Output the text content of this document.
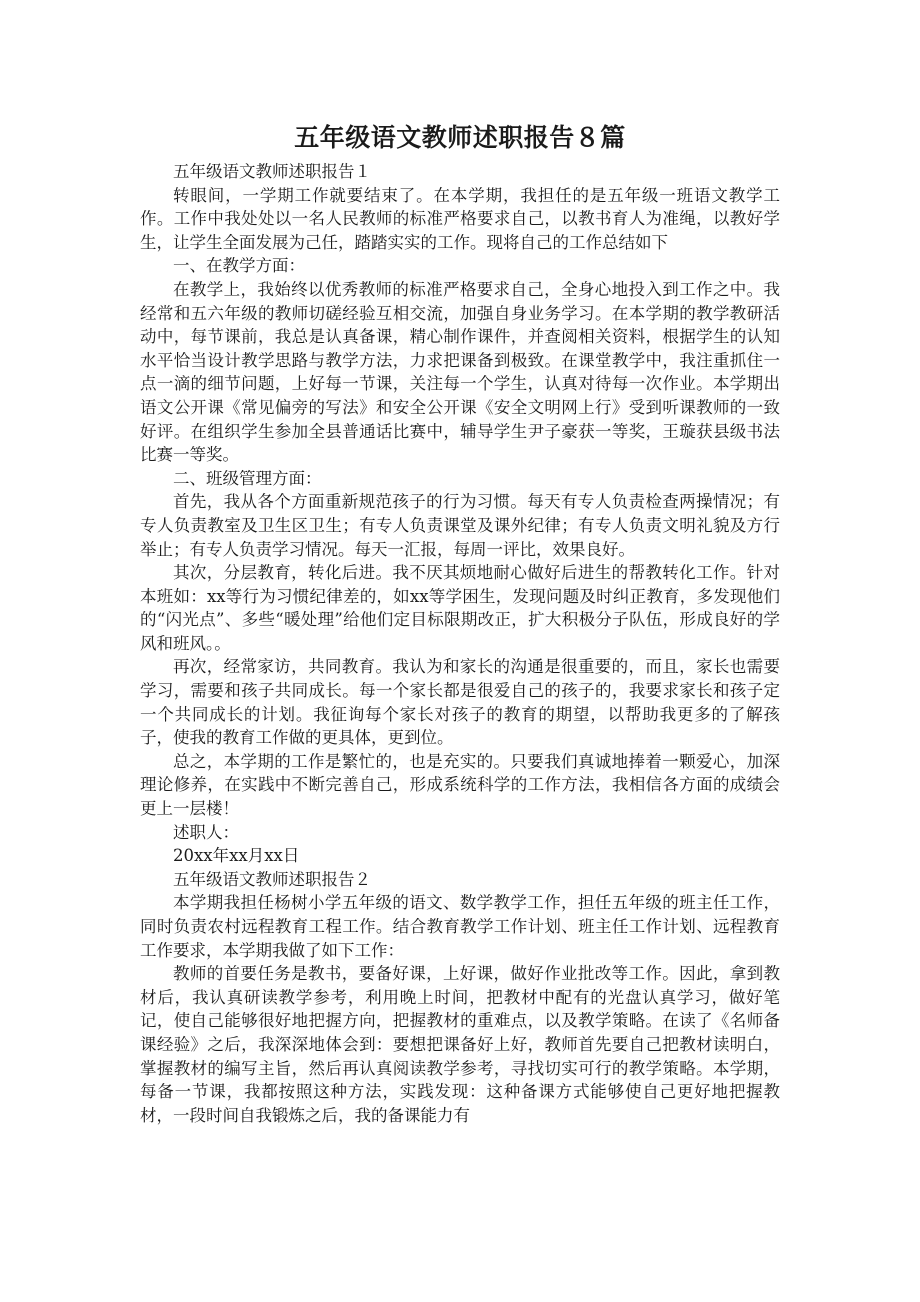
五年级语文教师述职报告８篇

五年级语文教师述职报告１

转眼间，一学期工作就要结束了。在本学期，我担任的是五年级一班语文教学工作。工作中我处处以一名人民教师的标准严格要求自己，以教书育人为准绳，以教好学生，让学生全面发展为己任，踏踏实实的工作。现将自己的工作总结如下

一、在教学方面：

在教学上，我始终以优秀教师的标准严格要求自己，全身心地投入到工作之中。我经常和五六年级的教师切磋经验互相交流，加强自身业务学习。在本学期的教学教研活动中，每节课前，我总是认真备课，精心制作课件，并查阅相关资料，根据学生的认知水平恰当设计教学思路与教学方法，力求把课备到极致。在课堂教学中，我注重抓住一点一滴的细节问题，上好每一节课，关注每一个学生，认真对待每一次作业。本学期出语文公开课《常见偏旁的写法》和安全公开课《安全文明网上行》受到听课教师的一致好评。在组织学生参加全县普通话比赛中，辅导学生尹子豪获一等奖，王璇获县级书法比赛一等奖。

二、班级管理方面：

首先，我从各个方面重新规范孩子的行为习惯。每天有专人负责检查两操情况；有专人负责教室及卫生区卫生；有专人负责课堂及课外纪律；有专人负责文明礼貌及方行举止；有专人负责学习情况。每天一汇报，每周一评比，效果良好。

其次，分层教育，转化后进。我不厌其烦地耐心做好后进生的帮教转化工作。针对本班如：xx等行为习惯纪律差的，如xx等学困生，发现问题及时纠正教育，多发现他们的“闪光点”、多些“暖处理”给他们定目标限期改正，扩大积极分子队伍，形成良好的学风和班风。。

再次，经常家访，共同教育。我认为和家长的沟通是很重要的，而且，家长也需要学习，需要和孩子共同成长。每一个家长都是很爱自己的孩子的，我要求家长和孩子定一个共同成长的计划。我征询每个家长对孩子的教育的期望，以帮助我更多的了解孩子，使我的教育工作做的更具体，更到位。

总之，本学期的工作是繁忙的，也是充实的。只要我们真诚地捧着一颗爱心，加深理论修养，在实践中不断完善自己，形成系统科学的工作方法，我相信各方面的成绩会更上一层楼！

述职人：

20xx年xx月xx日

五年级语文教师述职报告２

本学期我担任杨树小学五年级的语文、数学教学工作，担任五年级的班主任工作，同时负责农村远程教育工程工作。结合教育教学工作计划、班主任工作计划、远程教育工作要求，本学期我做了如下工作：

教师的首要任务是教书，要备好课，上好课，做好作业批改等工作。因此，拿到教材后，我认真研读教学参考，利用晚上时间，把教材中配有的光盘认真学习，做好笔记，使自己能够很好地把握方向，把握教材的重难点，以及教学策略。在读了《名师备课经验》之后，我深深地体会到：要想把课备好上好，教师首先要自己把教材读明白，掌握教材的编写主旨，然后再认真阅读教学参考，寻找切实可行的教学策略。本学期，每备一节课，我都按照这种方法，实践发现：这种备课方式能够使自己更好地把握教材，一段时间自我锻炼之后，我的备课能力有
